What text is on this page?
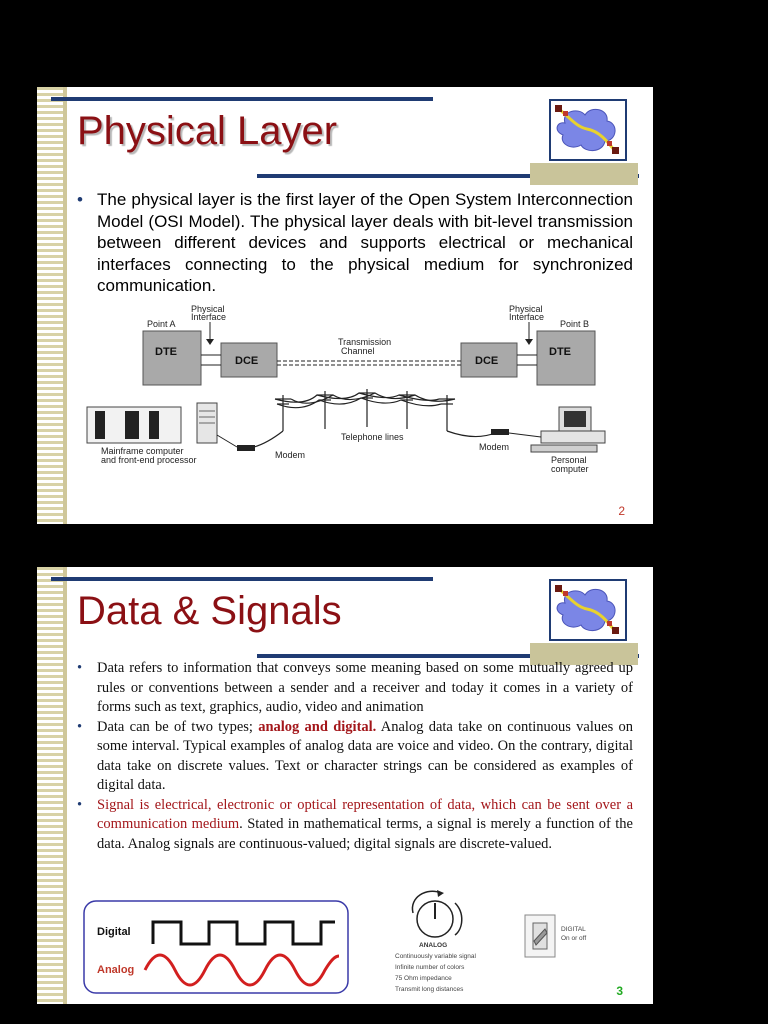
Physical Layer
• The physical layer is the first layer of the Open System Interconnection Model (OSI Model). The physical layer deals with bit-level transmission between different devices and supports electrical or mechanical interfaces connecting to the physical medium for synchronized communication.
Point A	Point B
Physical
Interface
Physical
Interface
DTE
DCE	DCE
DTE
Transmission
Channel
Telephone lines
Modem
Modem
Mainframe computer
and front-end processor	Personal
computer
2
Data & Signals
• Data refers to information that conveys some meaning based on some mutually agreed up rules or conventions between a sender and a receiver and today it comes in a variety of forms such as text, graphics, audio, video and animation
• Data can be of two types; analog and digital. Analog data take on continuous values on some interval. Typical examples of analog data are voice and video. On the contrary, digital data take on discrete values. Text or character strings can be considered as examples of digital data.
• Signal is electrical, electronic or optical representation of data, which can be sent over a communication medium. Stated in mathematical terms, a signal is merely a function of the data. Analog signals are continuous-valued; digital signals are discrete-valued.
Digital
Analog
ANALOG
Continuously variable signal
Infinite number of colors
75 Ohm impedance
Transmit long distances
DIGITAL
On or off
3
